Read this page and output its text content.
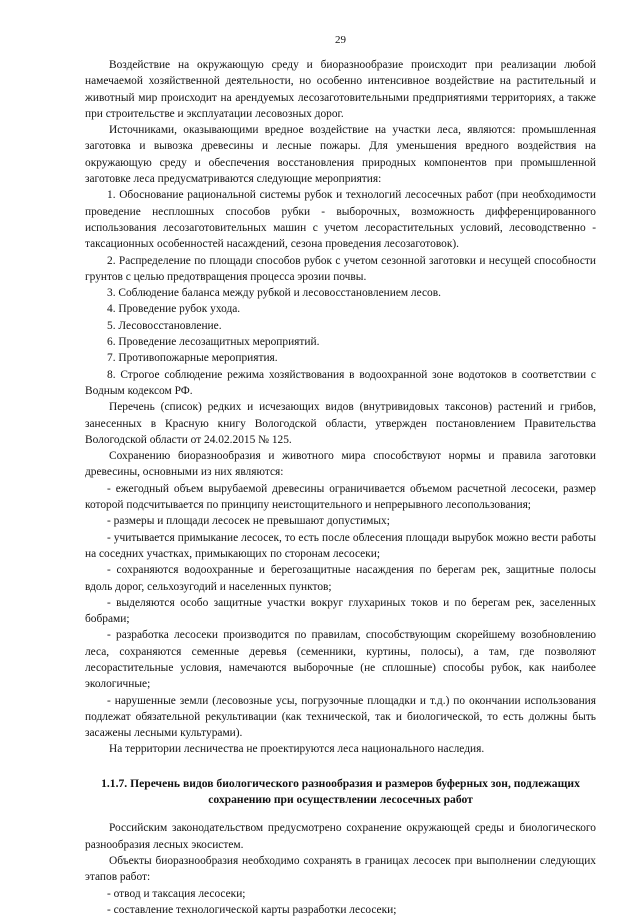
29

Воздействие на окружающую среду и биоразнообразие происходит при реализации любой намечаемой хозяйственной деятельности, но особенно интенсивное воздействие на растительный и животный мир происходит на арендуемых лесозаготовительными предприятиями территориях, а также при строительстве и эксплуатации лесовозных дорог.

Источниками, оказывающими вредное воздействие на участки леса, являются: промышленная заготовка и вывозка древесины и лесные пожары. Для уменьшения вредного воздействия на окружающую среду и обеспечения восстановления природных компонентов при промышленной заготовке леса предусматриваются следующие мероприятия:

1. Обоснование рациональной системы рубок и технологий лесосечных работ (при необходимости проведение несплошных способов рубки - выборочных, возможность дифференцированного использования лесозаготовительных машин с учетом лесорастительных условий, лесоводственно - таксационных особенностей насаждений, сезона проведения лесозаготовок).

2. Распределение по площади способов рубок с учетом сезонной заготовки и несущей способности грунтов с целью предотвращения процесса эрозии почвы.

3. Соблюдение баланса между рубкой и лесовосстановлением лесов.

4. Проведение рубок ухода.

5. Лесовосстановление.

6. Проведение лесозащитных мероприятий.

7. Противопожарные мероприятия.

8. Строгое соблюдение режима хозяйствования в водоохранной зоне водотоков в соответствии с Водным кодексом РФ.

Перечень (список) редких и исчезающих видов (внутривидовых таксонов) растений и грибов, занесенных в Красную книгу Вологодской области, утвержден постановлением Правительства Вологодской области от 24.02.2015 № 125.

Сохранению биоразнообразия и животного мира способствуют нормы и правила заготовки древесины, основными из них являются:

- ежегодный объем вырубаемой древесины ограничивается объемом расчетной лесосеки, размер которой подсчитывается по принципу неистощительного и непрерывного лесопользования;

- размеры и площади лесосек не превышают допустимых;

- учитывается примыкание лесосек, то есть после облесения площади вырубок можно вести работы на соседних участках, примыкающих по сторонам лесосеки;

- сохраняются водоохранные и берегозащитные насаждения по берегам рек, защитные полосы вдоль дорог, сельхозугодий и населенных пунктов;

- выделяются особо защитные участки вокруг глухариных токов и по берегам рек, заселенных бобрами;

- разработка лесосеки производится по правилам, способствующим скорейшему возобновлению леса, сохраняются семенные деревья (семенники, куртины, полосы), а там, где позволяют лесорастительные условия, намечаются выборочные (не сплошные) способы рубок, как наиболее экологичные;

- нарушенные земли (лесовозные усы, погрузочные площадки и т.д.) по окончании использования подлежат обязательной рекультивации (как технической, так и биологической, то есть должны быть засажены лесными культурами).

На территории лесничества не проектируются леса национального наследия.

1.1.7. Перечень видов биологического разнообразия и размеров буферных зон, подлежащих сохранению при осуществлении лесосечных работ

Российским законодательством предусмотрено сохранение окружающей среды и биологического разнообразия лесных экосистем.

Объекты биоразнообразия необходимо сохранять в границах лесосек при выполнении следующих этапов работ:

- отвод и таксация лесосеки;

- составление технологической карты разработки лесосеки;
